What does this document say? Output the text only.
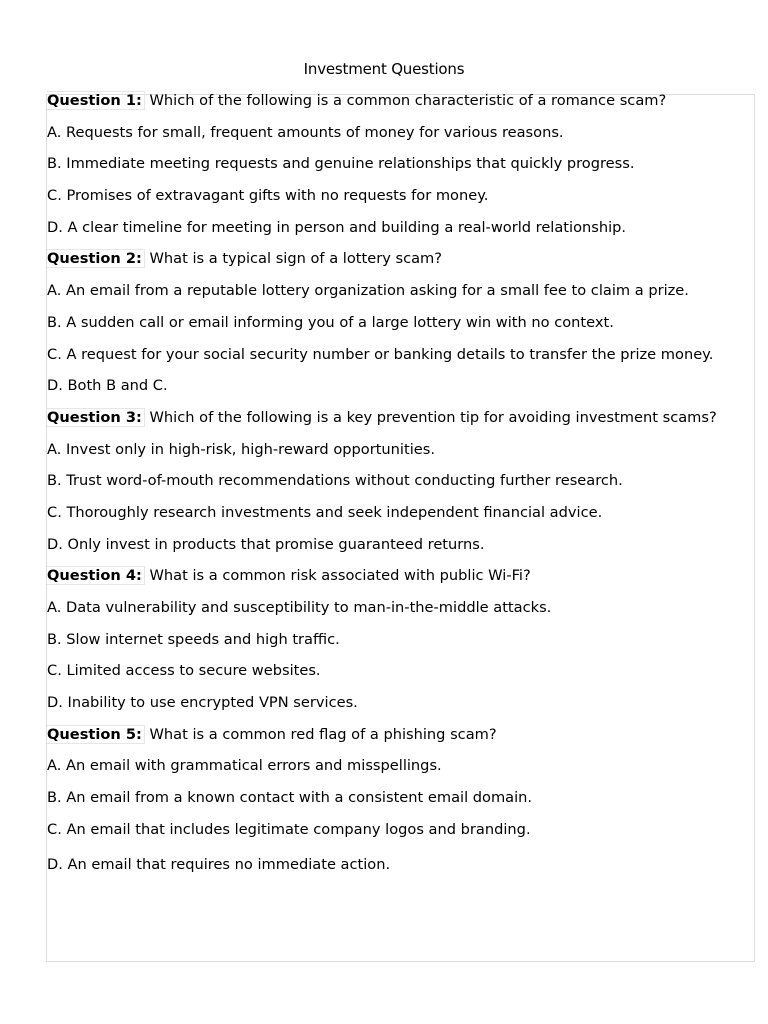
Investment Questions

Question 1: Which of the following is a common characteristic of a romance scam?

A. Requests for small, frequent amounts of money for various reasons.

B. Immediate meeting requests and genuine relationships that quickly progress.

C. Promises of extravagant gifts with no requests for money.

D. A clear timeline for meeting in person and building a real-world relationship.

Question 2: What is a typical sign of a lottery scam?

A. An email from a reputable lottery organization asking for a small fee to claim a prize.

B. A sudden call or email informing you of a large lottery win with no context.

C. A request for your social security number or banking details to transfer the prize money.

D. Both B and C.

Question 3: Which of the following is a key prevention tip for avoiding investment scams?

A. Invest only in high-risk, high-reward opportunities.

B. Trust word-of-mouth recommendations without conducting further research.

C. Thoroughly research investments and seek independent financial advice.

D. Only invest in products that promise guaranteed returns.

Question 4: What is a common risk associated with public Wi-Fi?

A. Data vulnerability and susceptibility to man-in-the-middle attacks.

B. Slow internet speeds and high traffic.

C. Limited access to secure websites.

D. Inability to use encrypted VPN services.

Question 5: What is a common red flag of a phishing scam?

A. An email with grammatical errors and misspellings.

B. An email from a known contact with a consistent email domain.

C. An email that includes legitimate company logos and branding.

D. An email that requires no immediate action.
